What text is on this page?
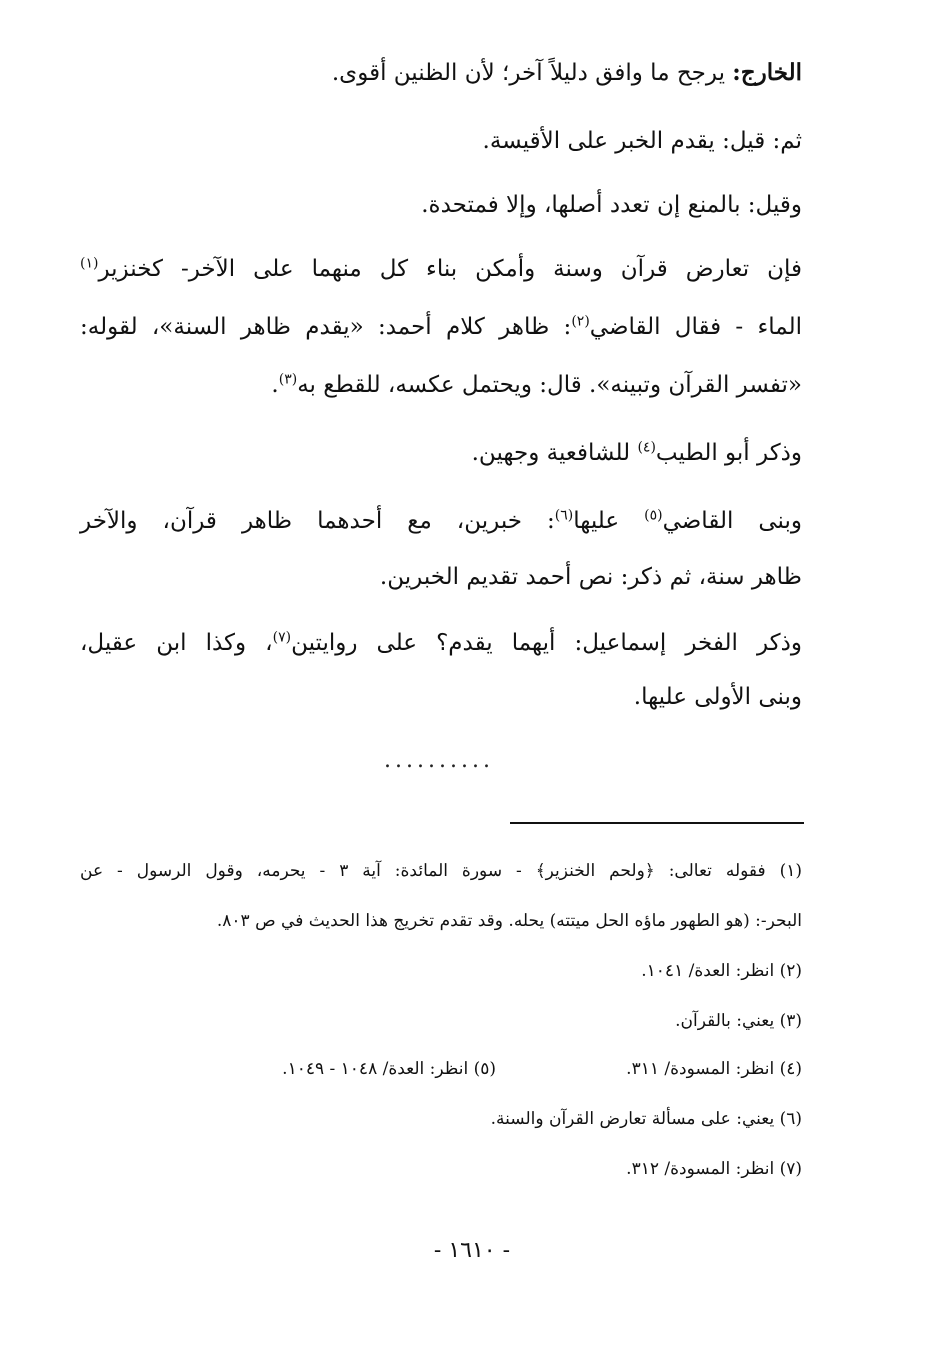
الخارج: يرجح ما وافق دليلاً آخر؛ لأن الظنين أقوى.
ثم: قيل: يقدم الخبر على الأقيسة.
وقيل: بالمنع إن تعدد أصلها، وإلا فمتحدة.
فإن تعارض قرآن وسنة وأمكن بناء كل منهما على الآخر- كخنزير$^{(١)}$
الماء - فقال القاضي$^{(٢)}$: ظاهر كلام أحمد: «يقدم ظاهر السنة»، لقوله:
«تفسر القرآن وتبينه». قال: ويحتمل عكسه، للقطع به$^{(٣)}$.
وذكر أبو الطيب$^{(٤)}$ للشافعية وجهين.
وبنى القاضي$^{(٥)}$ عليها$^{(٦)}$: خبرين، مع أحدهما ظاهر قرآن، والآخر
ظاهر سنة، ثم ذكر: نص أحمد تقديم الخبرين.
وذكر الفخر إسماعيل: أيهما يقدم؟ على روايتين$^{(٧)}$، وكذا ابن عقيل،
وبنى الأولى عليها.
..........
(١) فقوله تعالى: ﴿ولحم الخنزير﴾ - سورة المائدة: آية ٣ - يحرمه، وقول الرسول - عن
البحر-: (هو الطهور ماؤه الحل ميتته) يحله. وقد تقدم تخريج هذا الحديث في ص ٨٠٣.
(٢) انظر: العدة/ ١٠٤١.
(٣) يعني: بالقرآن.
(٤) انظر: المسودة/ ٣١١.
(٥) انظر: العدة/ ١٠٤٨ - ١٠٤٩.
(٦) يعني: على مسألة تعارض القرآن والسنة.
(٧) انظر: المسودة/ ٣١٢.
- ١٦١٠ -
